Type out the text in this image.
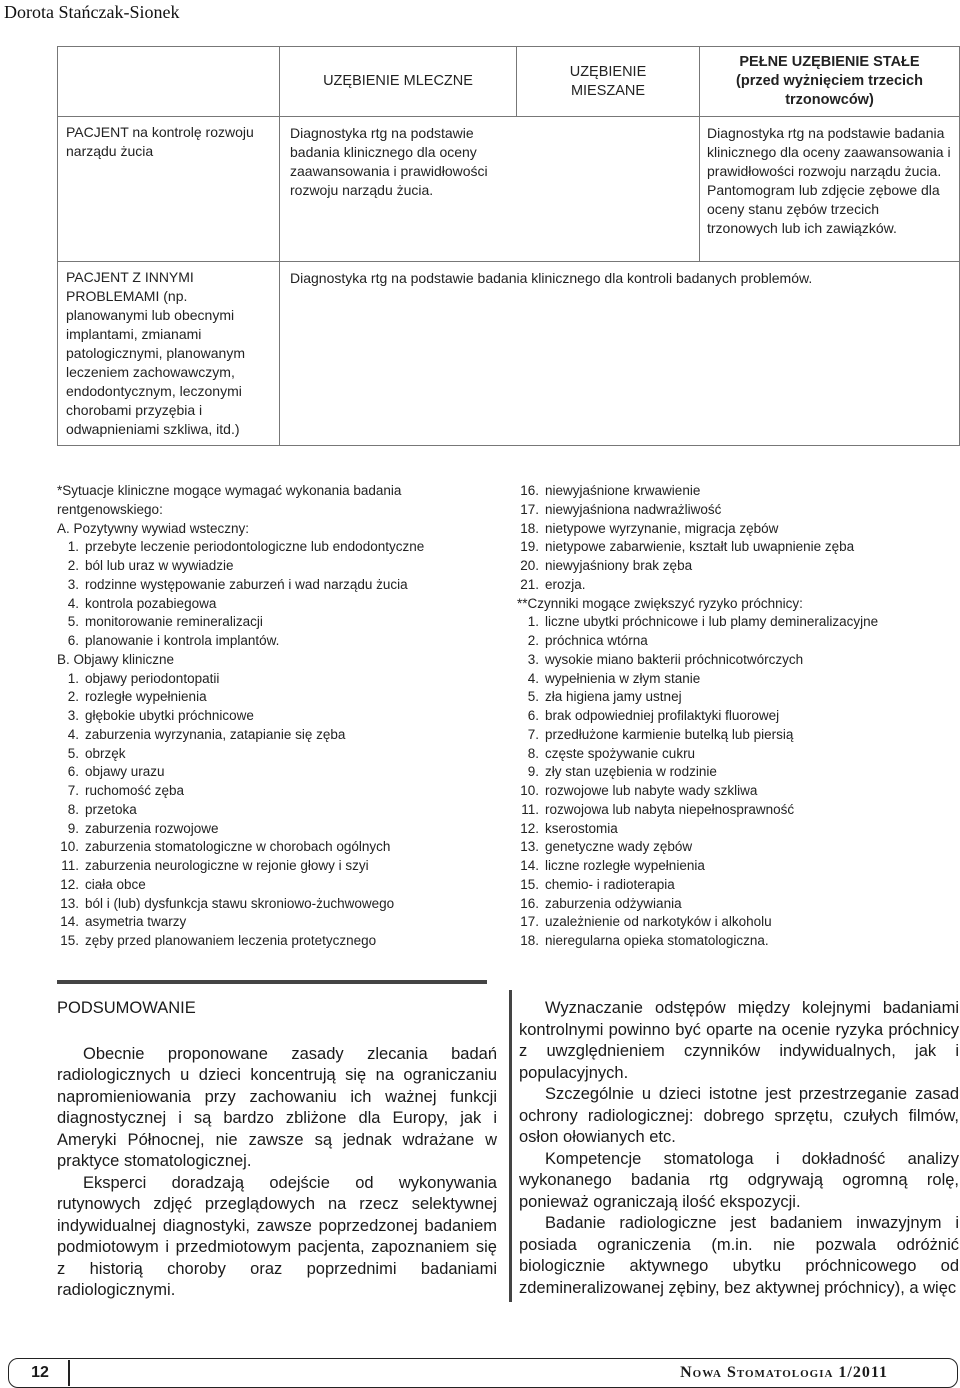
Dorota Stańczak-Sionek
	UZĘBIENIE MLECZNE	UZĘBIENIE MIESZANE	PEŁNE UZĘBIENIE STAŁE (przed wyżnięciem trzecich trzonowców)
PACJENT na kontrolę rozwoju narządu żucia	Diagnostyka rtg na podstawie badania klinicznego dla oceny zaawansowania i prawidłowości rozwoju narządu żucia.		Diagnostyka rtg na podstawie badania klinicznego dla oceny zaawansowania i prawidłowości rozwoju narządu żucia. Pantomogram lub zdjęcie zębowe dla oceny stanu zębów trzecich trzonowych lub ich zawiązków.
PACJENT Z INNYMI PROBLEMAMI (np. planowanymi lub obecnymi implantami, zmianami patologicznymi, planowanym leczeniem zachowawczym, endodontycznym, leczonymi chorobami przyzębia i odwapnieniami szkliwa, itd.)	Diagnostyka rtg na podstawie badania klinicznego dla kontroli badanych problemów.		
*Sytuacje kliniczne mogące wymagać wykonania badania rentgenowskiego:
A. Pozytywny wywiad wsteczny:
1. przebyte leczenie periodontologiczne lub endodontyczne
2. ból lub uraz w wywiadzie
3. rodzinne występowanie zaburzeń i wad narządu żucia
4. kontrola pozabiegowa
5. monitorowanie remineralizacji
6. planowanie i kontrola implantów.
B. Objawy kliniczne
1. objawy periodontopatii
2. rozległe wypełnienia
3. głębokie ubytki próchnicowe
4. zaburzenia wyrzynania, zatapianie się zęba
5. obrzęk
6. objawy urazu
7. ruchomość zęba
8. przetoka
9. zaburzenia rozwojowe
10. zaburzenia stomatologiczne w chorobach ogólnych
11. zaburzenia neurologiczne w rejonie głowy i szyi
12. ciała obce
13. ból i (lub) dysfunkcja stawu skroniowo-żuchwowego
14. asymetria twarzy
15. zęby przed planowaniem leczenia protetycznego
16. niewyjaśnione krwawienie
17. niewyjaśniona nadwrażliwość
18. nietypowe wyrzynanie, migracja zębów
19. nietypowe zabarwienie, kształt lub uwapnienie zęba
20. niewyjaśniony brak zęba
21. erozja.
**Czynniki mogące zwiększyć ryzyko próchnicy:
1. liczne ubytki próchnicowe i lub plamy demineralizacyjne
2. próchnica wtórna
3. wysokie miano bakterii próchnicotwórczych
4. wypełnienia w złym stanie
5. zła higiena jamy ustnej
6. brak odpowiedniej profilaktyki fluorowej
7. przedłużone karmienie butelką lub piersią
8. częste spożywanie cukru
9. zły stan uzębienia w rodzinie
10. rozwojowe lub nabyte wady szkliwa
11. rozwojowa lub nabyta niepełnosprawność
12. kserostomia
13. genetyczne wady zębów
14. liczne rozległe wypełnienia
15. chemio- i radioterapia
16. zaburzenia odżywiania
17. uzależnienie od narkotyków i alkoholu
18. nieregularna opieka stomatologiczna.
PODSUMOWANIE
Obecnie proponowane zasady zlecania badań radiologicznych u dzieci koncentrują się na ograniczaniu napromieniowania przy zachowaniu ich ważnej funkcji diagnostycznej i są bardzo zbliżone dla Europy, jak i Ameryki Północnej, nie zawsze są jednak wdrażane w praktyce stomatologicznej.
Eksperci doradzają odejście od wykonywania rutynowych zdjęć przeglądowych na rzecz selektywnej indywidualnej diagnostyki, zawsze poprzedzonej badaniem podmiotowym i przedmiotowym pacjenta, zapoznaniem się z historią choroby oraz poprzednimi badaniami radiologicznymi.
Wyznaczanie odstępów między kolejnymi badaniami kontrolnymi powinno być oparte na ocenie ryzyka próchnicy z uwzględnieniem czynników indywidualnych, jak i populacyjnych.
Szczególnie u dzieci istotne jest przestrzeganie zasad ochrony radiologicznej: dobrego sprzętu, czułych filmów, osłon ołowianych etc.
Kompetencje stomatologa i dokładność analizy wykonanego badania rtg odgrywają ogromną rolę, ponieważ ograniczają ilość ekspozycji.
Badanie radiologiczne jest badaniem inwazyjnym i posiada ograniczenia (m.in. nie pozwala odróżnić biologicznie aktywnego ubytku próchnicowego od zdemineralizowanej zębiny, bez aktywnej próchnicy), a więc
12	Nowa Stomatologia 1/2011
